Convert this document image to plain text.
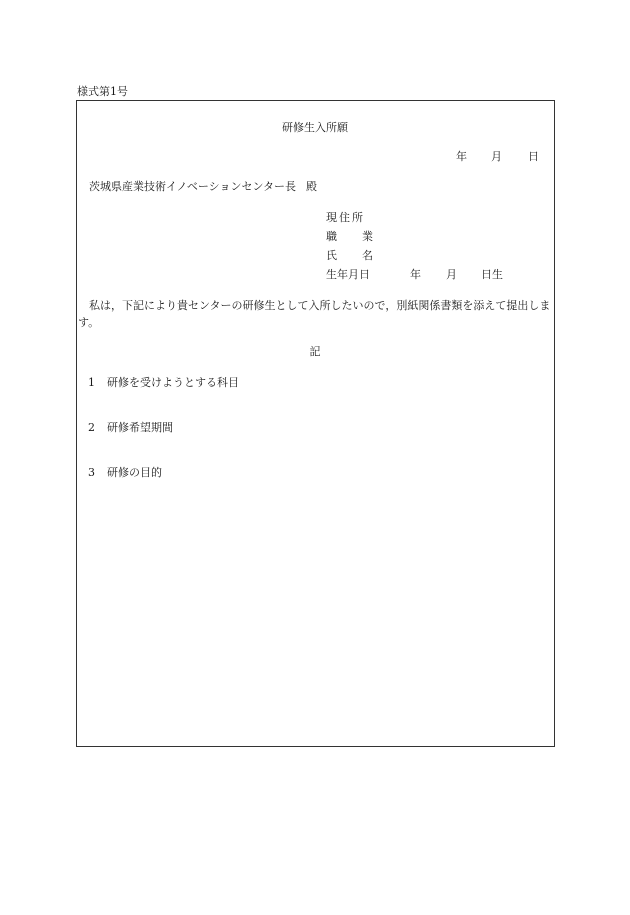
様式第1号
研修生入所願
年 月 日
茨城県産業技術イノベーションセンター長 殿
現住所
職業
氏名
生年月日	年 月 日生
私は，下記により貴センターの研修生として入所したいので，別紙関係書類を添えて提出します。
記
1 研修を受けようとする科目
2 研修希望期間
3 研修の目的
